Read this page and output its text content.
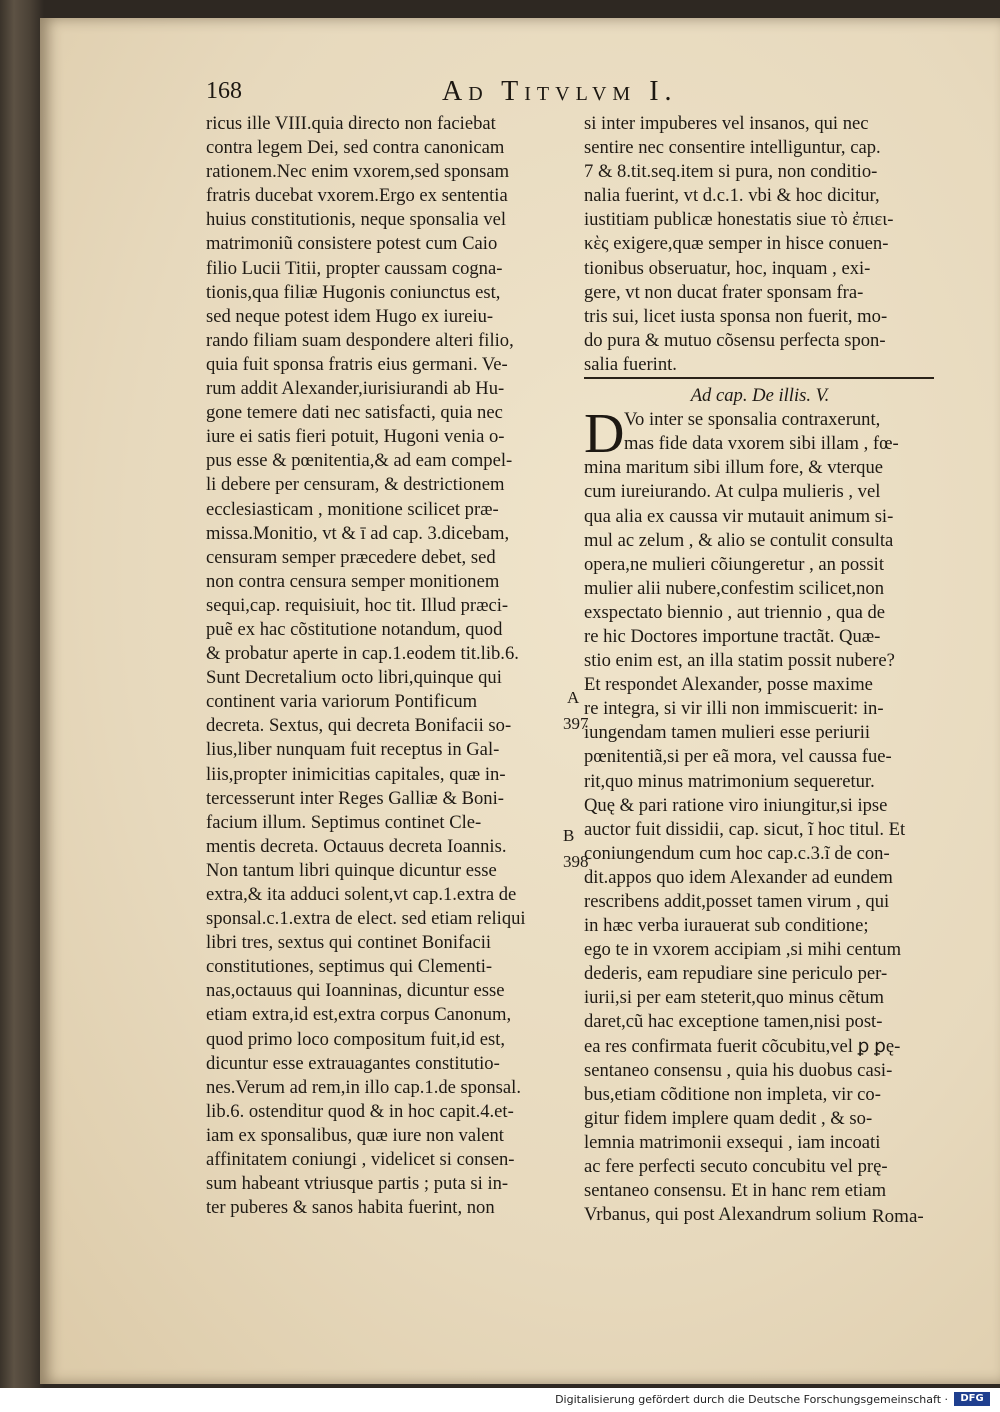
168	Ad Titvlvm I.
ricus ille VIII.quia directo non faciebat
contra legem Dei, sed contra canonicam
rationem.Nec enim vxorem,sed sponsam
fratris ducebat vxorem.Ergo ex sententia
huius constitutionis, neque sponsalia vel
matrimoniũ consistere potest cum Caio
filio Lucii Titii, propter caussam cogna-
tionis,qua filiæ Hugonis coniunctus est,
sed neque potest idem Hugo ex iureiu-
rando filiam suam despondere alteri filio,
quia fuit sponsa fratris eius germani. Ve-
rum addit Alexander,iurisiurandi ab Hu-
gone temere dati nec satisfacti, quia nec
iure ei satis fieri potuit, Hugoni venia o-
pus esse & pœnitentia,& ad eam compel-
li debere per censuram, & destrictionem
ecclesiasticam , monitione scilicet præ-
missa.Monitio, vt & ī ad cap. 3.dicebam,
censuram semper præcedere debet, sed
non contra censura semper monitionem
sequi,cap. requisiuit, hoc tit. Illud præci-
puẽ ex hac cõstitutione notandum, quod
& probatur aperte in cap.1.eodem tit.lib.6.
Sunt Decretalium octo libri,quinque qui
continent varia variorum Pontificum
decreta. Sextus, qui decreta Bonifacii so-
lius,liber nunquam fuit receptus in Gal-
liis,propter inimicitias capitales, quæ in-
tercesserunt inter Reges Galliæ & Boni-
facium illum. Septimus continet Cle-
mentis decreta. Octauus decreta Ioannis.
Non tantum libri quinque dicuntur esse
extra,& ita adduci solent,vt cap.1.extra de
sponsal.c.1.extra de elect. sed etiam reliqui
libri tres, sextus qui continet Bonifacii
constitutiones, septimus qui Clementi-
nas,octauus qui Ioanninas, dicuntur esse
etiam extra,id est,extra corpus Canonum,
quod primo loco compositum fuit,id est,
dicuntur esse extrauagantes constitutio-
nes.Verum ad rem,in illo cap.1.de sponsal.
lib.6. ostenditur quod & in hoc capit.4.et-
iam ex sponsalibus, quæ iure non valent
affinitatem coniungi , videlicet si consen-
sum habeant vtriusque partis ; puta si in-
ter puberes & sanos habita fuerint, non
si inter impuberes vel insanos, qui nec
sentire nec consentire intelliguntur, cap.
7 & 8.tit.seq.item si pura, non conditio-
nalia fuerint, vt d.c.1. vbi & hoc dicitur,
iustitiam publicæ honestatis siue τὸ ἐπιει-
κὲς exigere,quæ semper in hisce conuen-
tionibus obseruatur, hoc, inquam , exi-
gere, vt non ducat frater sponsam fra-
tris sui, licet iusta sponsa non fuerit, mo-
do pura & mutuo cõsensu perfecta spon-
salia fuerint.
Ad cap. De illis. V.
D Vo inter se sponsalia contraxerunt,
mas fide data vxorem sibi illam , fœ-
mina maritum sibi illum fore, & vterque
cum iureiurando. At culpa mulieris , vel
qua alia ex caussa vir mutauit animum si-
mul ac zelum , & alio se contulit consulta
opera,ne mulieri cõiungeretur , an possit
mulier alii nubere,confestim scilicet,non
exspectato biennio , aut triennio , qua de
re hic Doctores importune tractãt. Quæ-
stio enim est, an illa statim possit nubere?
Et respondet Alexander, posse maxime
re integra, si vir illi non immiscuerit: in-
iungendam tamen mulieri esse periurii
pœnitentiã,si per eã mora, vel caussa fue-
rit,quo minus matrimonium sequeretur.
Quę & pari ratione viro iniungitur,si ipse
auctor fuit dissidii, cap. sicut, ĩ hoc titul. Et
coniungendum cum hoc cap.c.3.ĩ de con-
dit.appos quo idem Alexander ad eundem
rescribens addit,posset tamen virum , qui
in hæc verba iurauerat sub conditione;
ego te in vxorem accipiam ,si mihi centum
dederis, eam repudiare sine periculo per-
iurii,si per eam steterit,quo minus cẽtum
daret,cũ hac exceptione tamen,nisi post-
ea res confirmata fuerit cõcubitu,vel ꝑ ꝑę-
sentaneo consensu , quia his duobus casi-
bus,etiam cõditione non impleta, vir co-
gitur fidem implere quam dedit , & so-
lemnia matrimonii exsequi , iam incoati
ac fere perfecti secuto concubitu vel prę-
sentaneo consensu. Et in hanc rem etiam
Vrbanus, qui post Alexandrum solium Roma-
A
397
B
398
Digitalisierung gefördert durch die Deutsche Forschungsgemeinschaft ·	DFG
